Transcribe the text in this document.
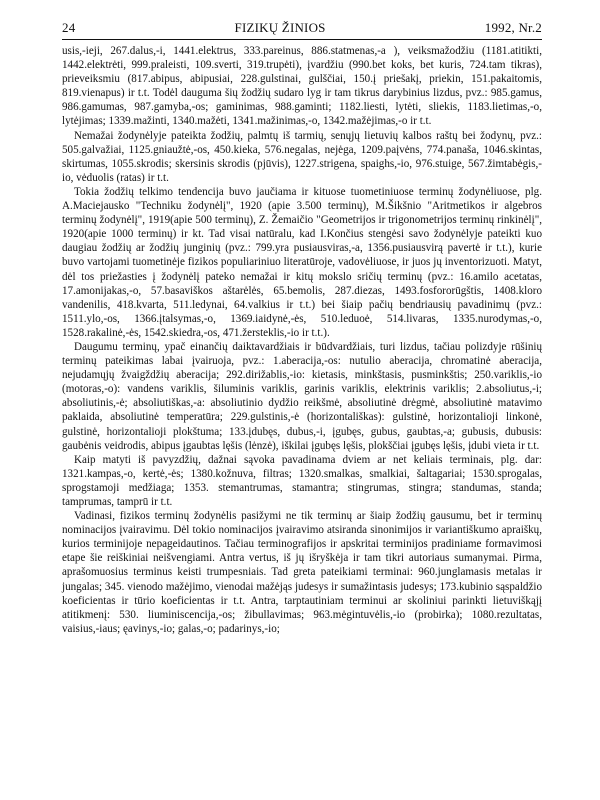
24	FIZIKŲ ŽINIOS	1992, Nr.2

usis,-ieji, 267.dalus,-i, 1441.elektrus, 333.pareinus, 886.statmenas,-a ), veiksmažodžiu (1181.atitikti, 1442.elektrėti, 999.praleisti, 109.sverti, 319.trupėti), įvardžiu (990.bet koks, bet kuris, 724.tam tikras), prieveiksmiu (817.abipus, abipusiai, 228.gulstinai, gulščiai, 150.į priešakį, priekin, 151.pakaitomis, 819.vienapus) ir t.t. Todėl dauguma šių žodžių sudaro lyg ir tam tikrus darybinius lizdus, pvz.: 985.gamus, 986.gamumas, 987.gamyba,-os; gaminimas, 988.gaminti; 1182.liesti, lytėti, sliekis, 1183.lietimas,-o, lytėjimas; 1339.mažinti, 1340.mažėti, 1341.mažinimas,-o, 1342.mažėjimas,-o ir t.t.

Nemažai žodynėlyje pateikta žodžių, palmtų iš tarmių, senųjų lietuvių kalbos raštų bei žodynų, pvz.: 505.galvažiai, 1125.gniaužtė,-os, 450.kieka, 576.negalas, nejėga, 1209.paįvėns, 774.panaša, 1046.skintas, skirtumas, 1055.skrodis; skersinis skrodis (pjūvis), 1227.strigena, spaighs,-io, 976.stuige, 567.žimtabėgis,-io, vėduolis (ratas) ir t.t.

Tokia žodžių telkimo tendencija buvo jaučiama ir kituose tuometiniuose terminų žodynėliuose, plg. A.Maciejausko "Techniku žodynėlį", 1920 (apie 3.500 terminų), M.Šikšnio "Aritmetikos ir algebros terminų žodynėlį", 1919(apie 500 terminų), Z. Žemaičio "Geometrijos ir trigonometrijos terminų rinkinėlį", 1920(apie 1000 terminų) ir kt. Tad visai natūralu, kad I.Končius stengėsi savo žodynėlyje pateikti kuo daugiau žodžių ar žodžių junginių (pvz.: 799.yra pusiausviras,-a, 1356.pusiausvirą pavertė ir t.t.), kurie buvo vartojami tuometinėje fizikos populiariniuo literatūroje, vadovėliuose, ir juos jų inventorizuoti. Matyt, dėl tos priežasties į žodynėlį pateko nemažai ir kitų mokslo sričių terminų (pvz.: 16.amilo acetatas, 17.amonijakas,-o, 57.basaviškos aštarėlės, 65.bemolis, 287.diezas, 1493.fosfororūgštis, 1408.kloro vandenilis, 418.kvarta, 511.ledynai, 64.valkius ir t.t.) bei šiaip pačių bendriausių pavadinimų (pvz.: 1511.ylo,-os, 1366.įtalsymas,-o, 1369.iaidynė,-ės, 510.leduoė, 514.livaras, 1335.nurodymas,-o, 1528.rakalinė,-ės, 1542.skiedra,-os, 471.žersteklis,-io ir t.t.).

Daugumu terminų, ypač einančių daiktavardžiais ir būdvardžiais, turi lizdus, tačiau polizdyje rūšinių terminų pateikimas labai įvairuoja, pvz.: 1.aberacija,-os: nutulio aberacija, chromatinė aberacija, nejudamųjų žvaigždžių aberacija; 292.dirižablis,-io: kietasis, minkštasis, pusminkštis; 250.variklis,-io (motoras,-o): vandens variklis, šiluminis variklis, garinis variklis, elektrinis variklis; 2.absoliutus,-i; absoliutinis,-ė; absoliutiškas,-a: absoliutinio dydžio reikšmė, absoliutinė drėgmė, absoliutinė matavimo paklaida, absoliutinė temperatūra; 229.gulstinis,-ė (horizontališkas): gulstinė, horizontalioji linkonė, gulstinė, horizontalioji plokštuma; 133.įdubęs, dubus,-i, įgubęs, gubus, gaubtas,-a; gubusis, dubusis: gaubėnis veidrodis, abipus įgaubtas lęšis (lėnzė), iškilai įgubęs lęšis, plokščiai įgubęs lęšis, įdubi vieta ir t.t.

Kaip matyti iš pavyzdžių, dažnai sąvoka pavadinama dviem ar net keliais terminais, plg. dar: 1321.kampas,-o, kertė,-ės; 1380.kožnuva, filtras; 1320.smalkas, smalkiai, šaltagariai; 1530.sprogalas, sprogstamoji medžiaga; 1353. stemantrumas, stamantra; stingrumas, stingra; standumas, standa; tamprumas, tamprū ir t.t.

Vadinasi, fizikos terminų žodynėlis pasižymi ne tik terminų ar šiaip žodžių gausumu, bet ir terminų nominacijos įvairavimu. Dėl tokio nominacijos įvairavimo atsiranda sinonimijos ir variantiškumo apraiškų, kurios terminijoje nepageidautinos. Tačiau terminografijos ir apskritai terminijos pradiniame formavimosi etape šie reiškiniai neišvengiami. Antra vertus, iš jų išryškėja ir tam tikri autoriaus sumanymai. Pirma, aprašomuosius terminus keisti trumpesniais. Tad greta pateikiami terminai: 960.junglamasis metalas ir jungalas; 345. vienodo mažėjimo, vienodai mažėjąs judesys ir sumažintasis judesys; 173.kubinio sąspaldžio koeficientas ir tūrio koeficientas ir t.t. Antra, tarptautiniam terminui ar skoliniui parinkti lietuviškąjį atitikmenį: 530. liuminiscencija,-os; žibullavimas; 963.mėgintuvėlis,-io (probirka); 1080.rezultatas, vaisius,-iaus; ęavinys,-io; galas,-o; padarinys,-io;
